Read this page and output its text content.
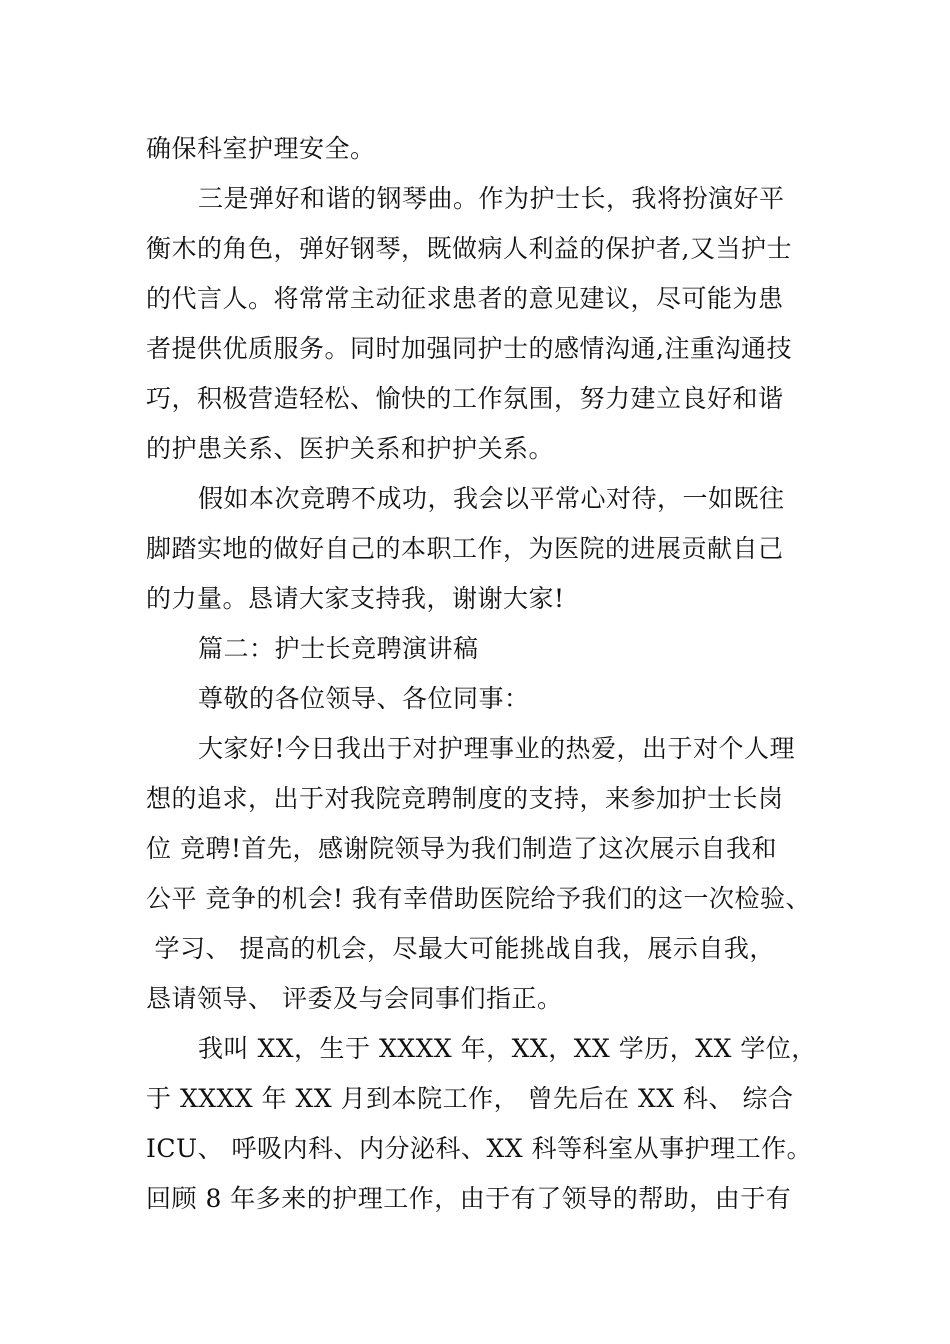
确保科室护理安全。
三是弹好和谐的钢琴曲。作为护士长，我将扮演好平
衡木的角色，弹好钢琴，既做病人利益的保护者,又当护士
的代言人。将常常主动征求患者的意见建议，尽可能为患
者提供优质服务。同时加强同护士的感情沟通,注重沟通技
巧，积极营造轻松、愉快的工作氛围，努力建立良好和谐
的护患关系、医护关系和护护关系。
假如本次竞聘不成功，我会以平常心对待，一如既往
脚踏实地的做好自己的本职工作，为医院的进展贡献自己
的力量。恳请大家支持我，谢谢大家!
篇二：护士长竞聘演讲稿
尊敬的各位领导、各位同事：
大家好!今日我出于对护理事业的热爱，出于对个人理
想的追求，出于对我院竞聘制度的支持，来参加护士长岗
位 竞聘!首先，感谢院领导为我们制造了这次展示自我和
公平 竞争的机会! 我有幸借助医院给予我们的这一次检验、
学习、 提高的机会，尽最大可能挑战自我，展示自我，
恳请领导、 评委及与会同事们指正。
我叫 XX，生于 XXXX 年，XX，XX 学历，XX 学位，
于 XXXX 年 XX 月到本院工作， 曾先后在 XX 科、 综合
ICU、 呼吸内科、内分泌科、XX 科等科室从事护理工作。
回顾 8 年多来的护理工作，由于有了领导的帮助，由于有
